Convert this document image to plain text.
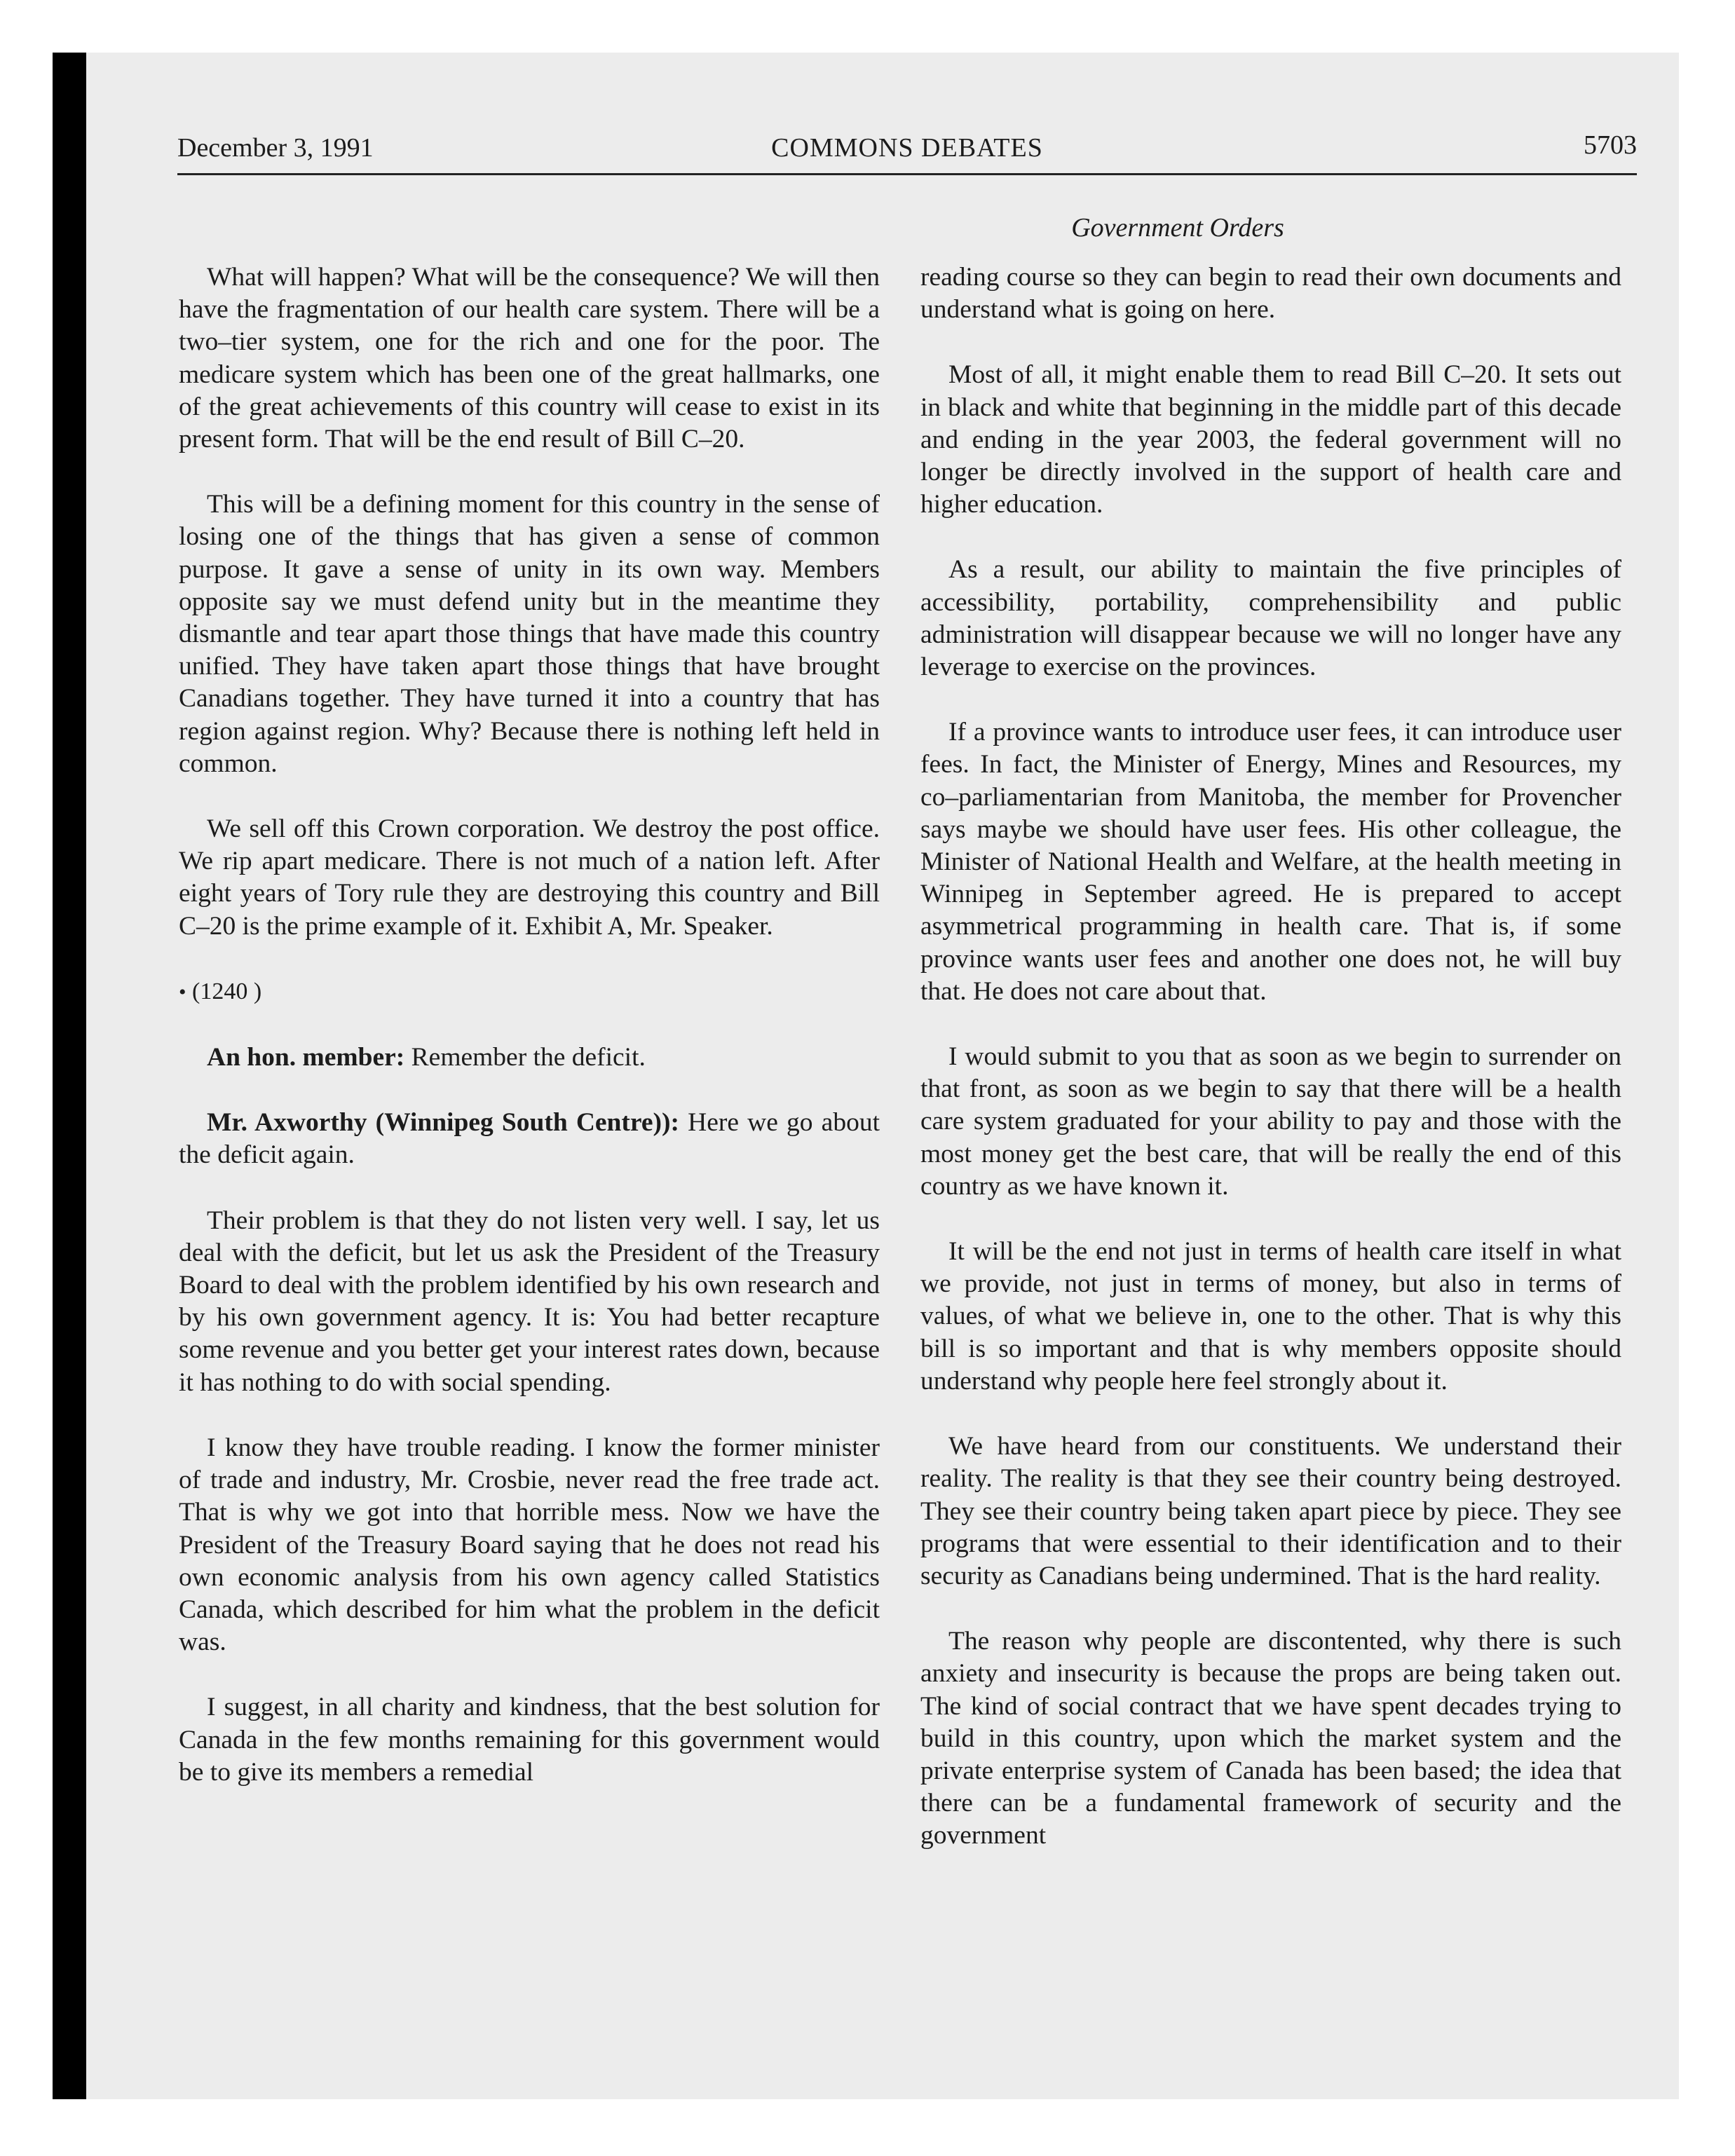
December 3, 1991	COMMONS DEBATES	5703
Government Orders

What will happen? What will be the consequence? We will then have the fragmentation of our health care system. There will be a two–tier system, one for the rich and one for the poor. The medicare system which has been one of the great hallmarks, one of the great achievements of this country will cease to exist in its present form. That will be the end result of Bill C–20.

This will be a defining moment for this country in the sense of losing one of the things that has given a sense of common purpose. It gave a sense of unity in its own way. Members opposite say we must defend unity but in the meantime they dismantle and tear apart those things that have made this country unified. They have taken apart those things that have brought Canadians together. They have turned it into a country that has region against region. Why? Because there is nothing left held in common.

We sell off this Crown corporation. We destroy the post office. We rip apart medicare. There is not much of a nation left. After eight years of Tory rule they are destroying this country and Bill C–20 is the prime example of it. Exhibit A, Mr. Speaker.

• (1240 )

An hon. member: Remember the deficit.

Mr. Axworthy (Winnipeg South Centre)): Here we go about the deficit again.

Their problem is that they do not listen very well. I say, let us deal with the deficit, but let us ask the President of the Treasury Board to deal with the problem identified by his own research and by his own government agency. It is: You had better recapture some revenue and you better get your interest rates down, because it has nothing to do with social spending.

I know they have trouble reading. I know the former minister of trade and industry, Mr. Crosbie, never read the free trade act. That is why we got into that horrible mess. Now we have the President of the Treasury Board saying that he does not read his own economic analysis from his own agency called Statistics Canada, which described for him what the problem in the deficit was.

I suggest, in all charity and kindness, that the best solution for Canada in the few months remaining for this government would be to give its members a remedial

reading course so they can begin to read their own documents and understand what is going on here.

Most of all, it might enable them to read Bill C–20. It sets out in black and white that beginning in the middle part of this decade and ending in the year 2003, the federal government will no longer be directly involved in the support of health care and higher education.

As a result, our ability to maintain the five principles of accessibility, portability, comprehensibility and public administration will disappear because we will no longer have any leverage to exercise on the provinces.

If a province wants to introduce user fees, it can introduce user fees. In fact, the Minister of Energy, Mines and Resources, my co–parliamentarian from Manitoba, the member for Provencher says maybe we should have user fees. His other colleague, the Minister of National Health and Welfare, at the health meeting in Winnipeg in September agreed. He is prepared to accept asymmetrical programming in health care. That is, if some province wants user fees and another one does not, he will buy that. He does not care about that.

I would submit to you that as soon as we begin to surrender on that front, as soon as we begin to say that there will be a health care system graduated for your ability to pay and those with the most money get the best care, that will be really the end of this country as we have known it.

It will be the end not just in terms of health care itself in what we provide, not just in terms of money, but also in terms of values, of what we believe in, one to the other. That is why this bill is so important and that is why members opposite should understand why people here feel strongly about it.

We have heard from our constituents. We understand their reality. The reality is that they see their country being destroyed. They see their country being taken apart piece by piece. They see programs that were essential to their identification and to their security as Canadians being undermined. That is the hard reality.

The reason why people are discontented, why there is such anxiety and insecurity is because the props are being taken out. The kind of social contract that we have spent decades trying to build in this country, upon which the market system and the private enterprise system of Canada has been based; the idea that there can be a fundamental framework of security and the government
